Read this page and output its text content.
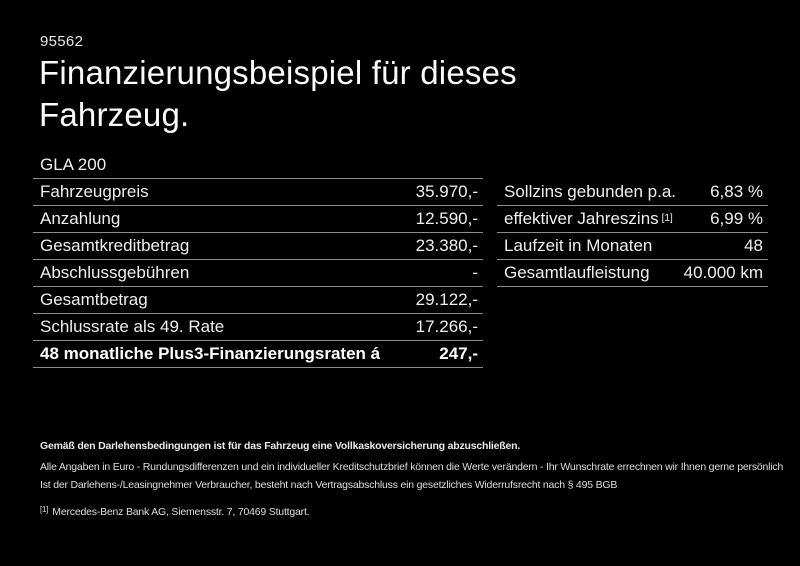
95562
Finanzierungsbeispiel für dieses Fahrzeug.
GLA 200
Fahrzeugpreis	35.970,-
Anzahlung	12.590,-
Gesamtkreditbetrag	23.380,-
Abschlussgebühren	-
Gesamtbetrag	29.122,-
Schlussrate als 49. Rate	17.266,-
48 monatliche Plus3-Finanzierungsraten á	247,-
Sollzins gebunden p.a. 6,83 %
effektiver Jahreszins [1] 6,99 %
Laufzeit in Monaten	48
Gesamtlaufleistung 40.000 km

Gemäß den Darlehensbedingungen ist für das Fahrzeug eine Vollkaskoversicherung abzuschließen.

Alle Angaben in Euro - Rundungsdifferenzen und ein individueller Kreditschutzbrief können die Werte verändern - Ihr Wunschrate errechnen wir Ihnen gerne persönlich

Ist der Darlehens-/Leasingnehmer Verbraucher, besteht nach Vertragsabschluss ein gesetzliches Widerrufsrecht nach § 495 BGB

[1] Mercedes-Benz Bank AG, Siemensstr. 7, 70469 Stuttgart.
